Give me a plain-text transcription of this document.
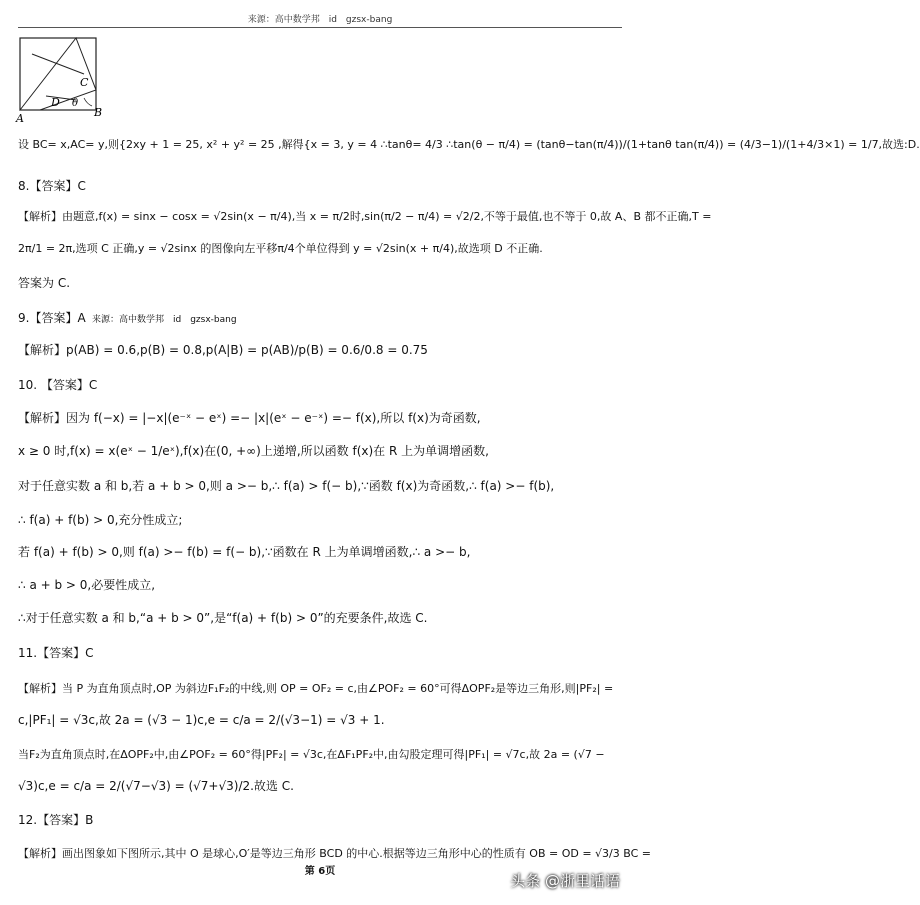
来源：高中数学邦　id　gzsx-bang
A	B
C
D θ
设 BC= x,AC= y,则{2xy + 1 = 25, x² + y² = 25 ,解得{x = 3, y = 4 ∴tanθ= 4/3 ∴tan(θ − π/4) = (tanθ−tan(π/4))/(1+tanθ tan(π/4)) = (4/3−1)/(1+4/3×1) = 1/7,故选:D.
8.【答案】C
【解析】由题意,f(x) = sinx − cosx = √2sin(x − π/4),当 x = π/2时,sin(π/2 − π/4) = √2/2,不等于最值,也不等于 0,故 A、B 都不正确,T =
2π/1 = 2π,选项 C 正确,y = √2sinx 的图像向左平移π/4个单位得到 y = √2sin(x + π/4),故选项 D 不正确.
答案为 C.
9.【答案】A 来源：高中数学邦　id　gzsx-bang
【解析】p(AB) = 0.6,p(B) = 0.8,p(A|B) = p(AB)/p(B) = 0.6/0.8 = 0.75
10. 【答案】C
【解析】因为 f(−x) = |−x|(e⁻ˣ − eˣ) =− |x|(eˣ − e⁻ˣ) =− f(x),所以 f(x)为奇函数,
x ≥ 0 时,f(x) = x(eˣ − 1/eˣ),f(x)在(0, +∞)上递增,所以函数 f(x)在 R 上为单调增函数,
对于任意实数 a 和 b,若 a + b > 0,则 a >− b,∴ f(a) > f(− b),∵函数 f(x)为奇函数,∴ f(a) >− f(b),
∴ f(a) + f(b) > 0,充分性成立;
若 f(a) + f(b) > 0,则 f(a) >− f(b) = f(− b),∵函数在 R 上为单调增函数,∴ a >− b,
∴ a + b > 0,必要性成立,
∴对于任意实数 a 和 b,“a + b > 0”,是“f(a) + f(b) > 0”的充要条件,故选 C.
11.【答案】C
【解析】当 P 为直角顶点时,OP 为斜边F₁F₂的中线,则 OP = OF₂ = c,由∠POF₂ = 60°可得ΔOPF₂是等边三角形,则|PF₂| =
c,|PF₁| = √3c,故 2a = (√3 − 1)c,e = c/a = 2/(√3−1) = √3 + 1.
当F₂为直角顶点时,在ΔOPF₂中,由∠POF₂ = 60°得|PF₂| = √3c,在ΔF₁PF₂中,由勾股定理可得|PF₁| = √7c,故 2a = (√7 −
√3)c,e = c/a = 2/(√7−√3) = (√7+√3)/2.故选 C.
12.【答案】B
【解析】画出图象如下图所示,其中 O 是球心,O′是等边三角形 BCD 的中心.根据等边三角形中心的性质有 OB = OD = √3/3 BC =
第 6页
头条 @浙里话语
